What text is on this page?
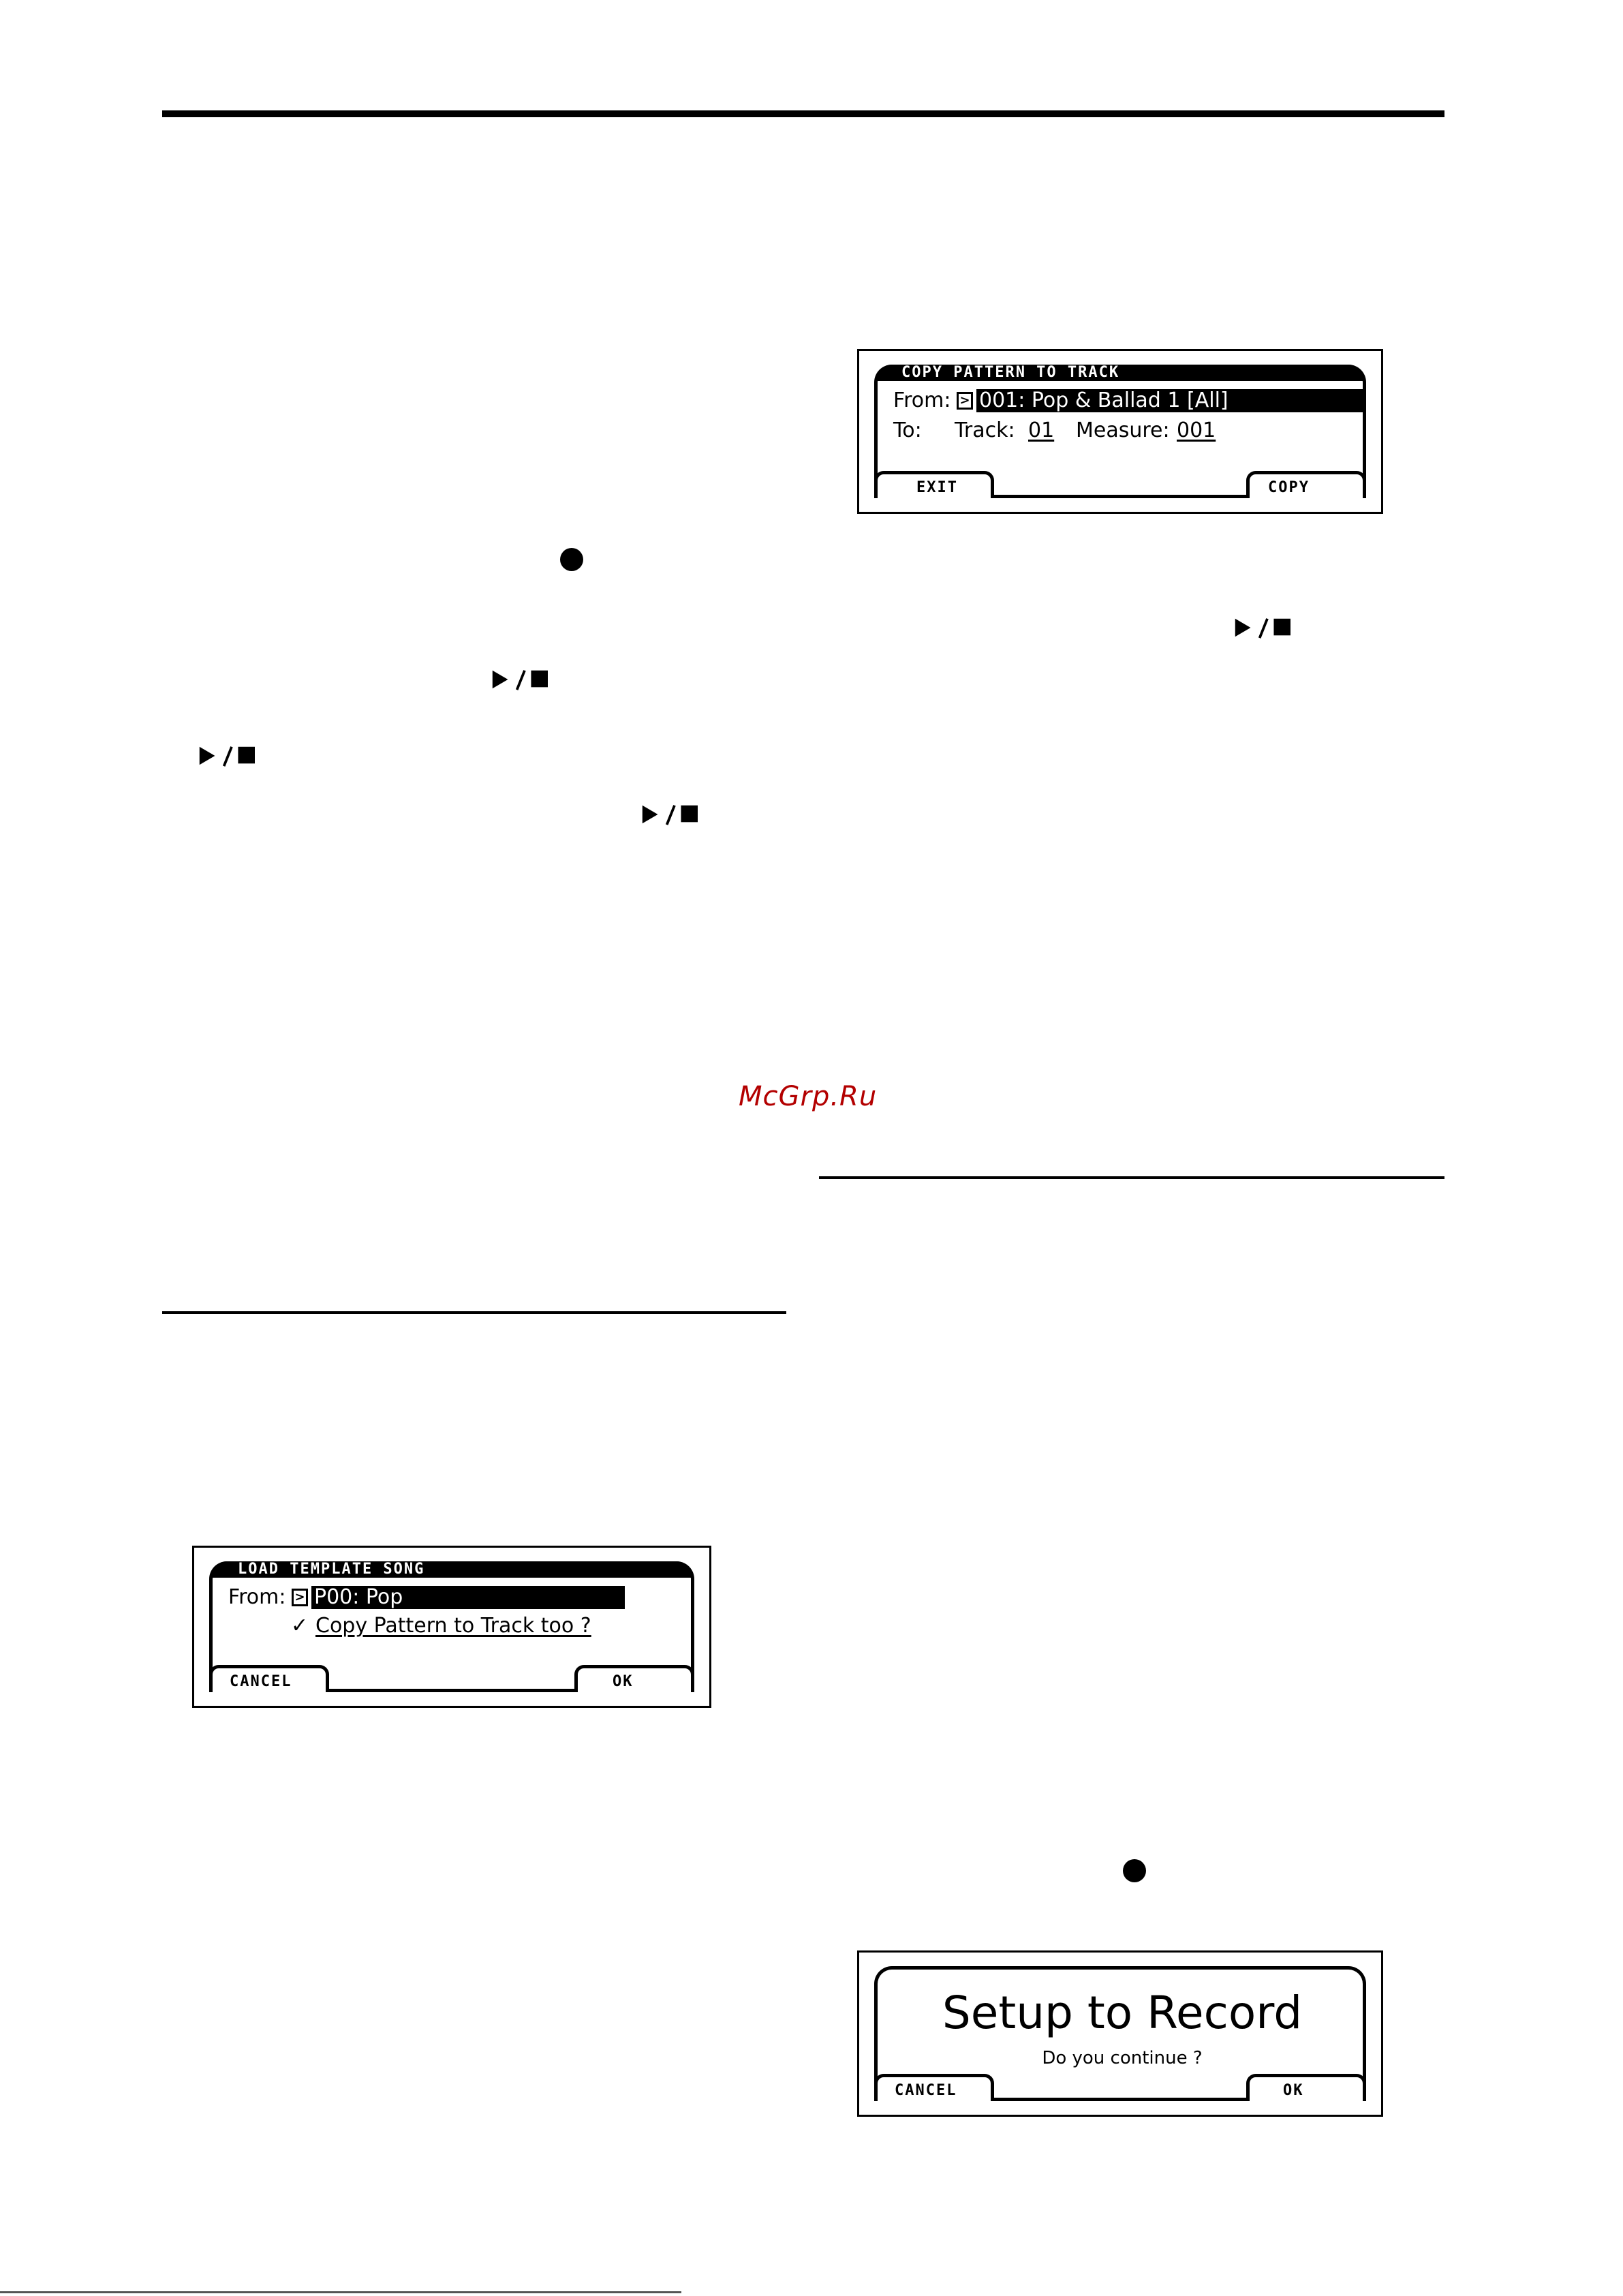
COPY PATTERN TO TRACK
From: > 001: Pop & Ballad 1 [All]
To: Track: 01 Measure: 001
EXIT	COPY
McGrp.Ru
LOAD TEMPLATE SONG
From: > P00: Pop
✓ Copy Pattern to Track too ?
CANCEL	OK
Setup to Record
Do you continue ?
CANCEL	OK
